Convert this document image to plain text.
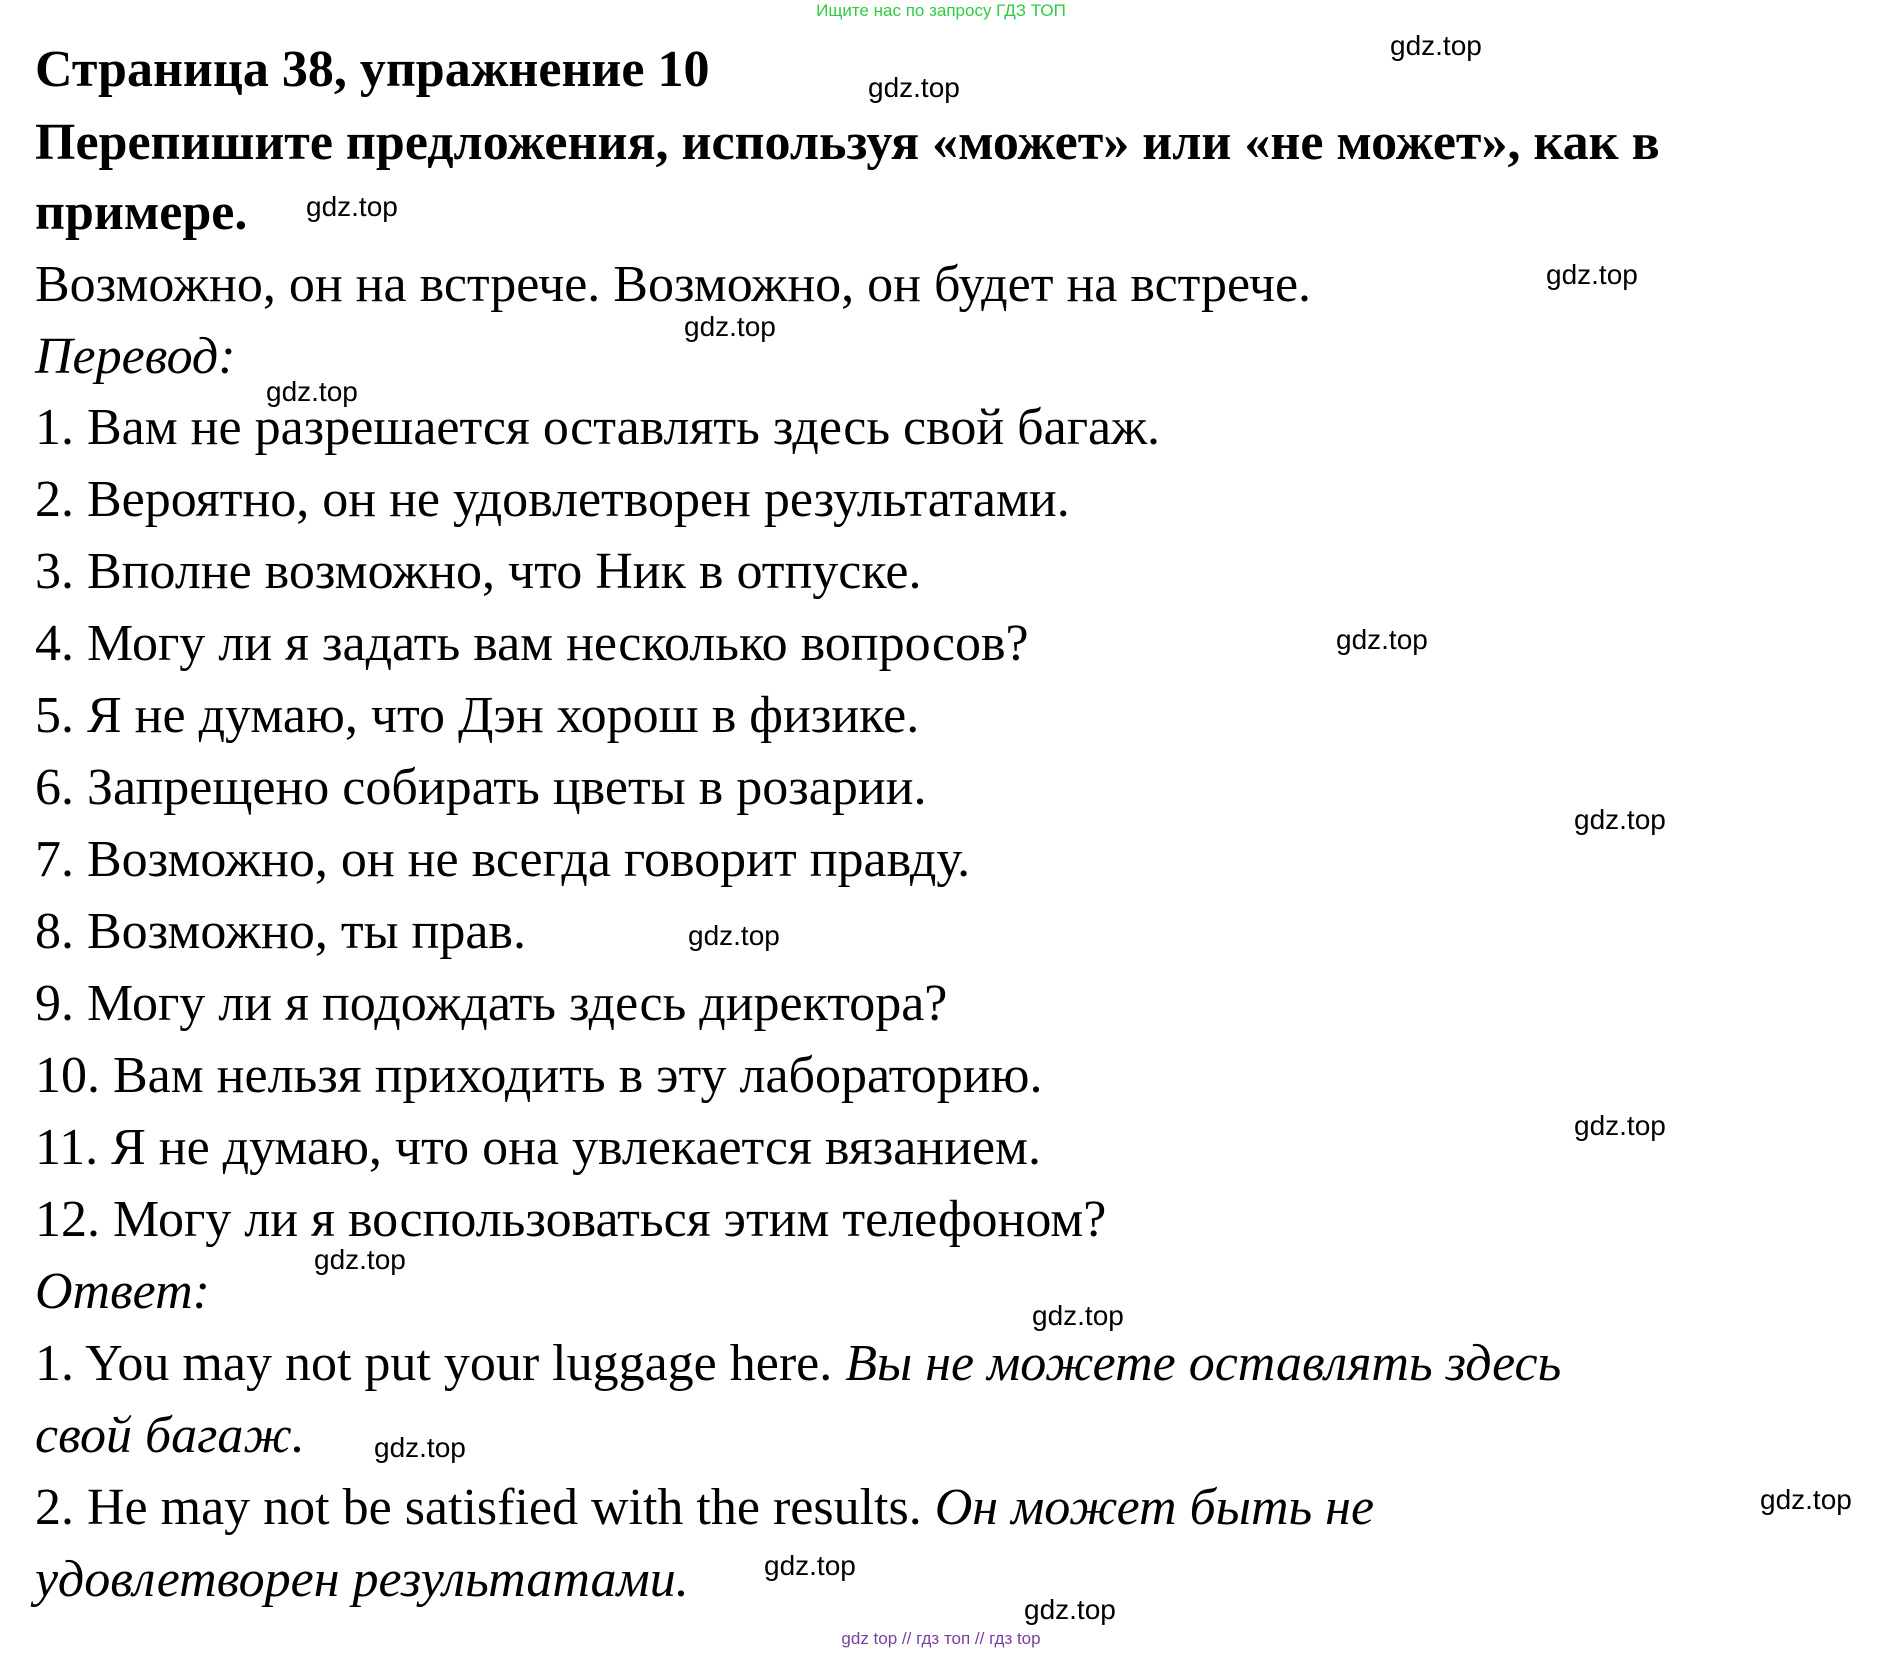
Ищите нас по запросу ГДЗ ТОП
Страница 38, упражнение 10
Перепишите предложения, используя «может» или «не может», как в
примере.
Возможно, он на встрече. Возможно, он будет на встрече.
Перевод:
1. Вам не разрешается оставлять здесь свой багаж.
2. Вероятно, он не удовлетворен результатами.
3. Вполне возможно, что Ник в отпуске.
4. Могу ли я задать вам несколько вопросов?
5. Я не думаю, что Дэн хорош в физике.
6. Запрещено собирать цветы в розарии.
7. Возможно, он не всегда говорит правду.
8. Возможно, ты прав.
9. Могу ли я подождать здесь директора?
10. Вам нельзя приходить в эту лабораторию.
11. Я не думаю, что она увлекается вязанием.
12. Могу ли я воспользоваться этим телефоном?
Ответ:
1. You may not put your luggage here. Вы не можете оставлять здесь
свой багаж.
2. He may not be satisfied with the results. Он может быть не
удовлетворен результатами.
gdz.top
gdz.top
gdz.top
gdz.top
gdz.top
gdz.top
gdz.top
gdz.top
gdz.top
gdz.top
gdz.top
gdz.top
gdz.top
gdz.top
gdz.top
gdz.top
gdz top // гдз топ // гдз top
